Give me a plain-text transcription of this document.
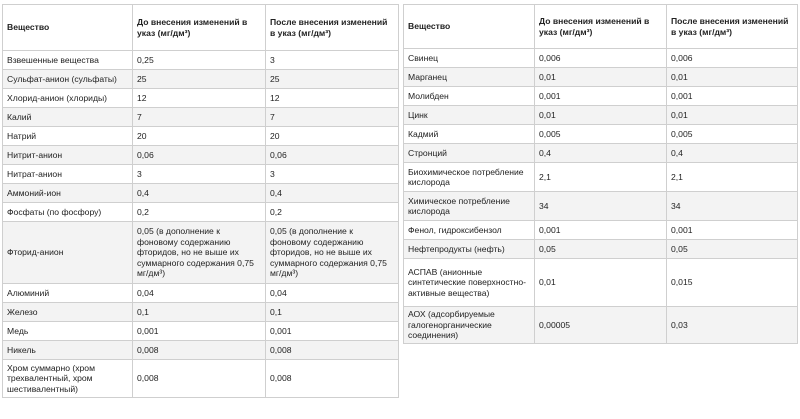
Вещество	До внесения изменений в указ (мг/дм³)	После внесения изменений в указ (мг/дм³)
Взвешенные вещества	0,25	3
Сульфат-анион (сульфаты)	25	25
Хлорид-анион (хлориды)	12	12
Калий	7	7
Натрий	20	20
Нитрит-анион	0,06	0,06
Нитрат-анион	3	3
Аммоний-ион	0,4	0,4
Фосфаты (по фосфору)	0,2	0,2
Фторид-анион	0,05 (в дополнение к фоновому содержанию фторидов, но не выше их суммарного содержания 0,75 мг/дм³)	0,05 (в дополнение к фоновому содержанию фторидов, но не выше их суммарного содержания 0,75 мг/дм³)
Алюминий	0,04	0,04
Железо	0,1	0,1
Медь	0,001	0,001
Никель	0,008	0,008
Хром суммарно (хром трехвалентный, хром шестивалентный)	0,008	0,008
Вещество	До внесения изменений в указ (мг/дм³)	После внесения изменений в указ (мг/дм³)
Свинец	0,006	0,006
Марганец	0,01	0,01
Молибден	0,001	0,001
Цинк	0,01	0,01
Кадмий	0,005	0,005
Стронций	0,4	0,4
Биохимическое потребление кислорода	2,1	2,1
Химическое потребление кислорода	34	34
Фенол, гидроксибензол	0,001	0,001
Нефтепродукты (нефть)	0,05	0,05
АСПАВ (анионные синтетические поверхностно-активные вещества)	0,01	0,015
АОХ (адсорбируемые галогенорганические соединения)	0,00005	0,03
